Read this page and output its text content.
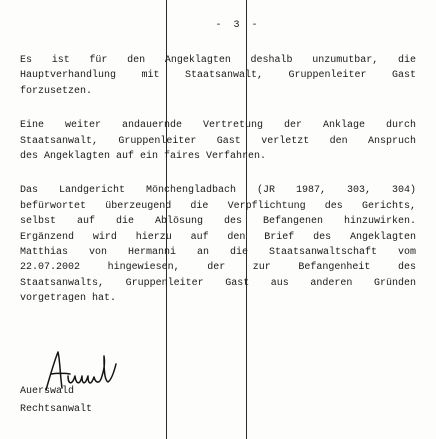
- 3 -
Es ist für den Angeklagten deshalb unzumutbar, die
Hauptverhandlung mit Staatsanwalt, Gruppenleiter Gast
forzusetzen.
Eine weiter andauernde Vertretung der Anklage durch
Staatsanwalt, Gruppenleiter Gast verletzt den Anspruch
des Angeklagten auf ein faires Verfahren.
Das Landgericht Mönchengladbach (JR 1987, 303, 304)
befürwortet überzeugend die Verpflichtung des Gerichts,
selbst auf die Ablösung des Befangenen hinzuwirken.
Ergänzend wird hierzu auf den Brief des Angeklagten
Matthias von Hermanni an die Staatsanwaltschaft vom
22.07.2002 hingewiesen, der zur Befangenheit des
Staatsanwalts, Gruppenleiter Gast aus anderen Gründen
vorgetragen hat.
Auerswald
Rechtsanwalt
